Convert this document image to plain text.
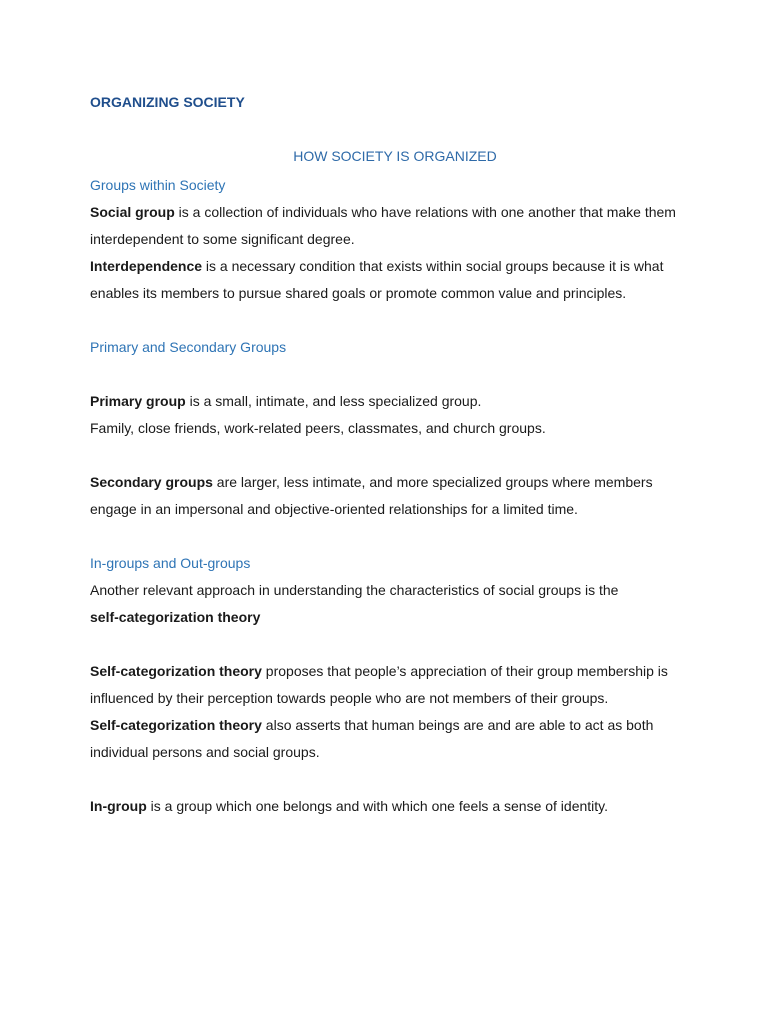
ORGANIZING SOCIETY
HOW SOCIETY IS ORGANIZED
Groups within Society

Social group is a collection of individuals who have relations with one another that make them interdependent to some significant degree.

Interdependence is a necessary condition that exists within social groups because it is what enables its members to pursue shared goals or promote common value and principles.

Primary and Secondary Groups

Primary group is a small, intimate, and less specialized group.

Family, close friends, work-related peers, classmates, and church groups.

Secondary groups are larger, less intimate, and more specialized groups where members engage in an impersonal and objective-oriented relationships for a limited time.

In-groups and Out-groups

Another relevant approach in understanding the characteristics of social groups is the
self-categorization theory

Self-categorization theory proposes that people’s appreciation of their group membership is influenced by their perception towards people who are not members of their groups.

Self-categorization theory also asserts that human beings are and are able to act as both individual persons and social groups.

In-group is a group which one belongs and with which one feels a sense of identity.
